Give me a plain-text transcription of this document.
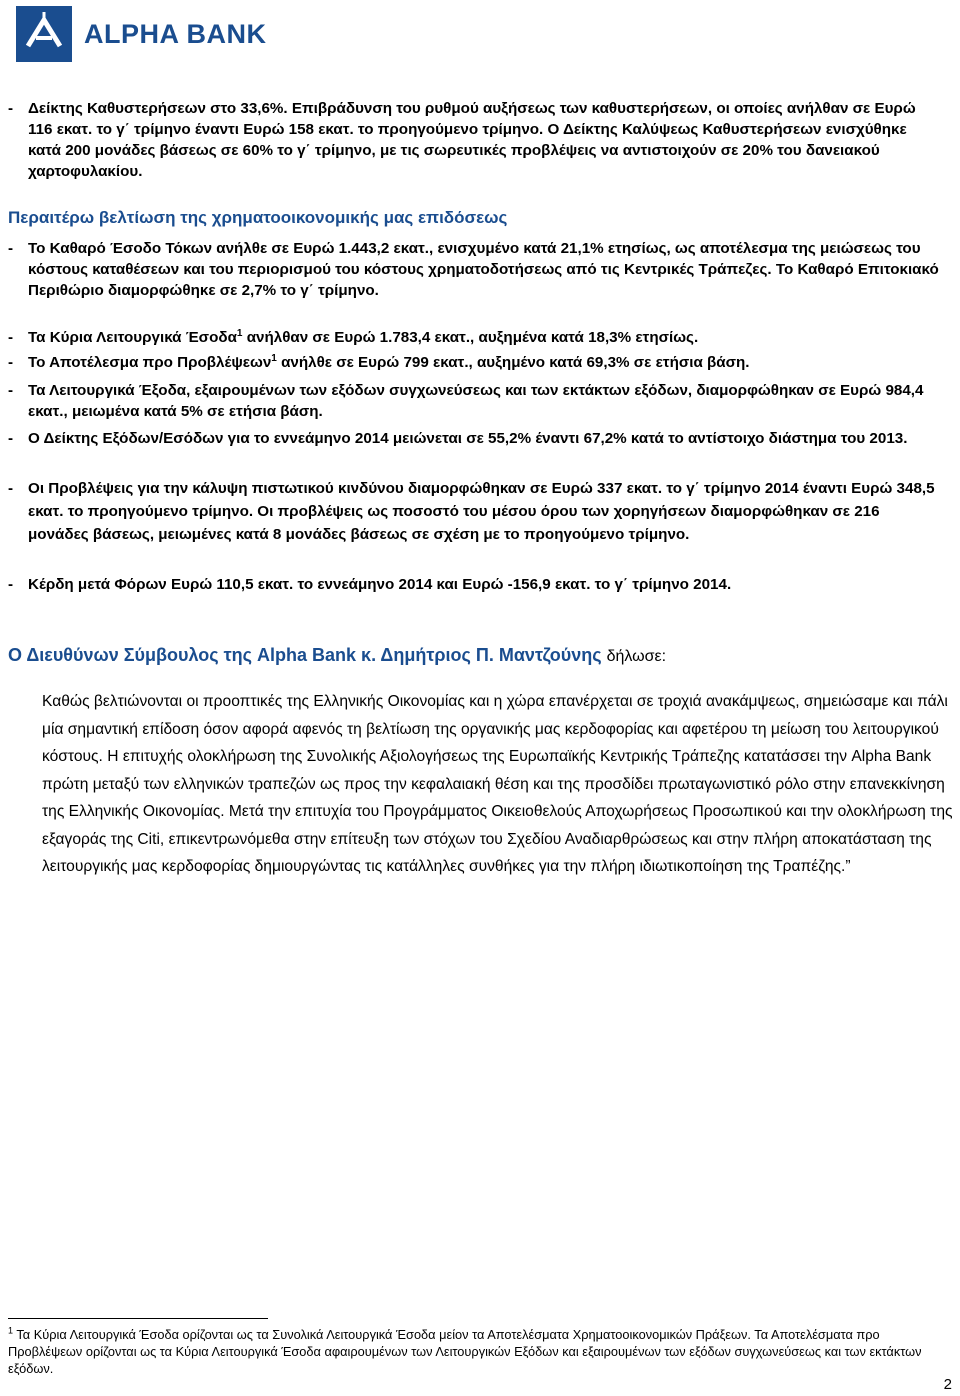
ALPHA BANK
- Δείκτης Καθυστερήσεων στο 33,6%. Επιβράδυνση του ρυθμού αυξήσεως των καθυστερήσεων, οι οποίες ανήλθαν σε Ευρώ 116 εκατ. το γ΄ τρίμηνο έναντι Ευρώ 158 εκατ. το προηγούμενο τρίμηνο. Ο Δείκτης Καλύψεως Καθυστερήσεων ενισχύθηκε κατά 200 μονάδες βάσεως σε 60% το γ΄ τρίμηνο, με τις σωρευτικές προβλέψεις να αντιστοιχούν σε 20% του δανειακού χαρτοφυλακίου.
Περαιτέρω βελτίωση της χρηματοοικονομικής μας επιδόσεως
- Το Καθαρό Έσοδο Τόκων ανήλθε σε Ευρώ 1.443,2 εκατ., ενισχυμένο κατά 21,1% ετησίως, ως αποτέλεσμα της μειώσεως του κόστους καταθέσεων και του περιορισμού του κόστους χρηματοδοτήσεως από τις Κεντρικές Τράπεζες. Το Καθαρό Επιτοκιακό Περιθώριο διαμορφώθηκε σε 2,7% το γ΄ τρίμηνο.
- Τα Κύρια Λειτουργικά Έσοδα$^1$ ανήλθαν σε Ευρώ 1.783,4 εκατ., αυξημένα κατά 18,3% ετησίως.
- Το Αποτέλεσμα προ Προβλέψεων$^1$ ανήλθε σε Ευρώ 799 εκατ., αυξημένο κατά 69,3% σε ετήσια βάση.
- Τα Λειτουργικά Έξοδα, εξαιρουμένων των εξόδων συγχωνεύσεως και των εκτάκτων εξόδων, διαμορφώθηκαν σε Ευρώ 984,4 εκατ., μειωμένα κατά 5% σε ετήσια βάση.
- Ο Δείκτης Εξόδων/Εσόδων για το εννεάμηνο 2014 μειώνεται σε 55,2% έναντι 67,2% κατά το αντίστοιχο διάστημα του 2013.
- Οι Προβλέψεις για την κάλυψη πιστωτικού κινδύνου διαμορφώθηκαν σε Ευρώ 337 εκατ. το γ΄ τρίμηνο 2014 έναντι Ευρώ 348,5 εκατ. το προηγούμενο τρίμηνο. Οι προβλέψεις ως ποσοστό του μέσου όρου των χορηγήσεων διαμορφώθηκαν σε 216 μονάδες βάσεως, μειωμένες κατά 8 μονάδες βάσεως σε σχέση με το προηγούμενο τρίμηνο.
- Κέρδη μετά Φόρων Ευρώ 110,5 εκατ. το εννεάμηνο 2014 και Ευρώ -156,9 εκατ. το γ΄ τρίμηνο 2014.
Ο Διευθύνων Σύμβουλος της Alpha Bank κ. Δημήτριος Π. Μαντζούνης δήλωσε:
Καθώς βελτιώνονται οι προοπτικές της Ελληνικής Οικονομίας και η χώρα επανέρχεται σε τροχιά ανακάμψεως, σημειώσαμε και πάλι μία σημαντική επίδοση όσον αφορά αφενός τη βελτίωση της οργανικής μας κερδοφορίας και αφετέρου τη μείωση του λειτουργικού κόστους. Η επιτυχής ολοκλήρωση της Συνολικής Αξιολογήσεως της Ευρωπαϊκής Κεντρικής Τράπεζης κατατάσσει την Alpha Bank πρώτη μεταξύ των ελληνικών τραπεζών ως προς την κεφαλαιακή θέση και της προσδίδει πρωταγωνιστικό ρόλο στην επανεκκίνηση της Ελληνικής Οικονομίας. Μετά την επιτυχία του Προγράμματος Οικειοθελούς Αποχωρήσεως Προσωπικού και την ολοκλήρωση της εξαγοράς της Citi, επικεντρωνόμεθα στην επίτευξη των στόχων του Σχεδίου Αναδιαρθρώσεως και στην πλήρη αποκατάσταση της λειτουργικής μας κερδοφορίας δημιουργώντας τις κατάλληλες συνθήκες για την πλήρη ιδιωτικοποίηση της Τραπέζης.”
$^1$ Τα Κύρια Λειτουργικά Έσοδα ορίζονται ως τα Συνολικά Λειτουργικά Έσοδα μείον τα Αποτελέσματα Χρηματοοικονομικών Πράξεων. Τα Αποτελέσματα προ Προβλέψεων ορίζονται ως τα Κύρια Λειτουργικά Έσοδα αφαιρουμένων των Λειτουργικών Εξόδων και εξαιρουμένων των εξόδων συγχωνεύσεως και των εκτάκτων εξόδων.
2
